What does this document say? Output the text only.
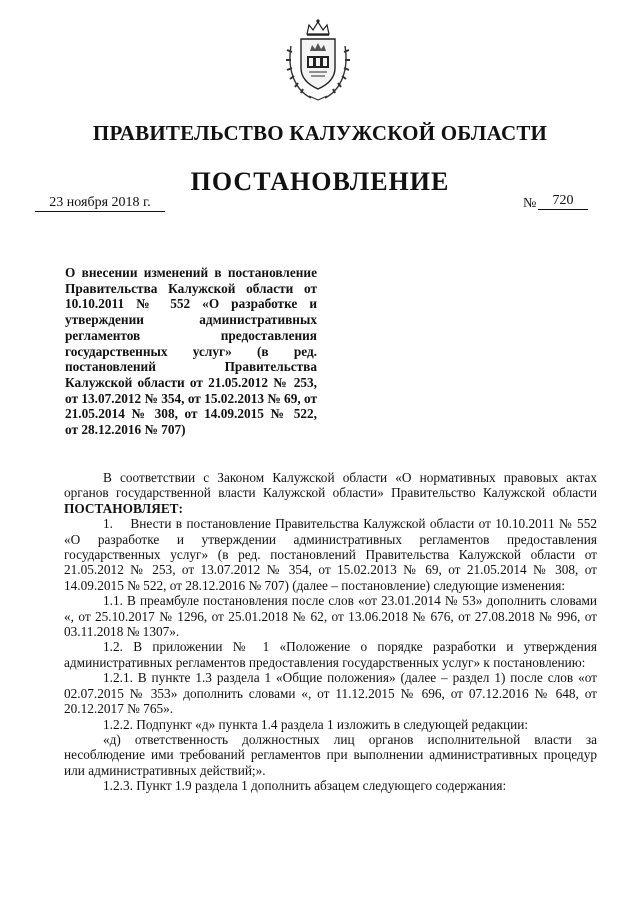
ПРАВИТЕЛЬСТВО КАЛУЖСКОЙ ОБЛАСТИ
ПОСТАНОВЛЕНИЕ
23 ноября 2018 г.	№	720

О внесении изменений в постановление Правительства Калужской области от 10.10.2011 № 552 «О разработке и утверждении	административных регламентов	предоставления государственных услуг» (в ред. постановлений	Правительства Калужской области от 21.05.2012 № 253, от 13.07.2012 № 354, от 15.02.2013 № 69, от 21.05.2014 № 308, от 14.09.2015 № 522,
от 28.12.2016 № 707)

В соответствии с Законом Калужской области «О нормативных правовых актах органов государственной власти Калужской области» Правительство Калужской области ПОСТАНОВЛЯЕТ:

1.    Внести в постановление Правительства Калужской области от 10.10.2011 № 552 «О разработке и утверждении административных регламентов предоставления государственных услуг» (в ред. постановлений Правительства Калужской области от 21.05.2012 № 253, от 13.07.2012 № 354, от 15.02.2013 № 69, от 21.05.2014 № 308, от 14.09.2015 № 522, от 28.12.2016 № 707) (далее – постановление) следующие изменения:

1.1. В преамбуле постановления после слов «от 23.01.2014 № 53» дополнить словами «, от 25.10.2017 № 1296, от 25.01.2018 № 62, от 13.06.2018 № 676, от 27.08.2018 № 996, от 03.11.2018 № 1307».

1.2. В приложении № 1 «Положение о порядке разработки и утверждения административных регламентов предоставления государственных услуг» к постановлению:

1.2.1. В пункте 1.3 раздела 1 «Общие положения» (далее – раздел 1) после слов «от 02.07.2015 № 353» дополнить словами «, от 11.12.2015 № 696, от 07.12.2016 № 648, от 20.12.2017 № 765».

1.2.2. Подпункт «д» пункта 1.4 раздела 1 изложить в следующей редакции:

«д) ответственность должностных лиц органов исполнительной власти за несоблюдение ими требований регламентов при выполнении административных процедур или административных действий;».

1.2.3. Пункт 1.9 раздела 1 дополнить абзацем следующего содержания:
